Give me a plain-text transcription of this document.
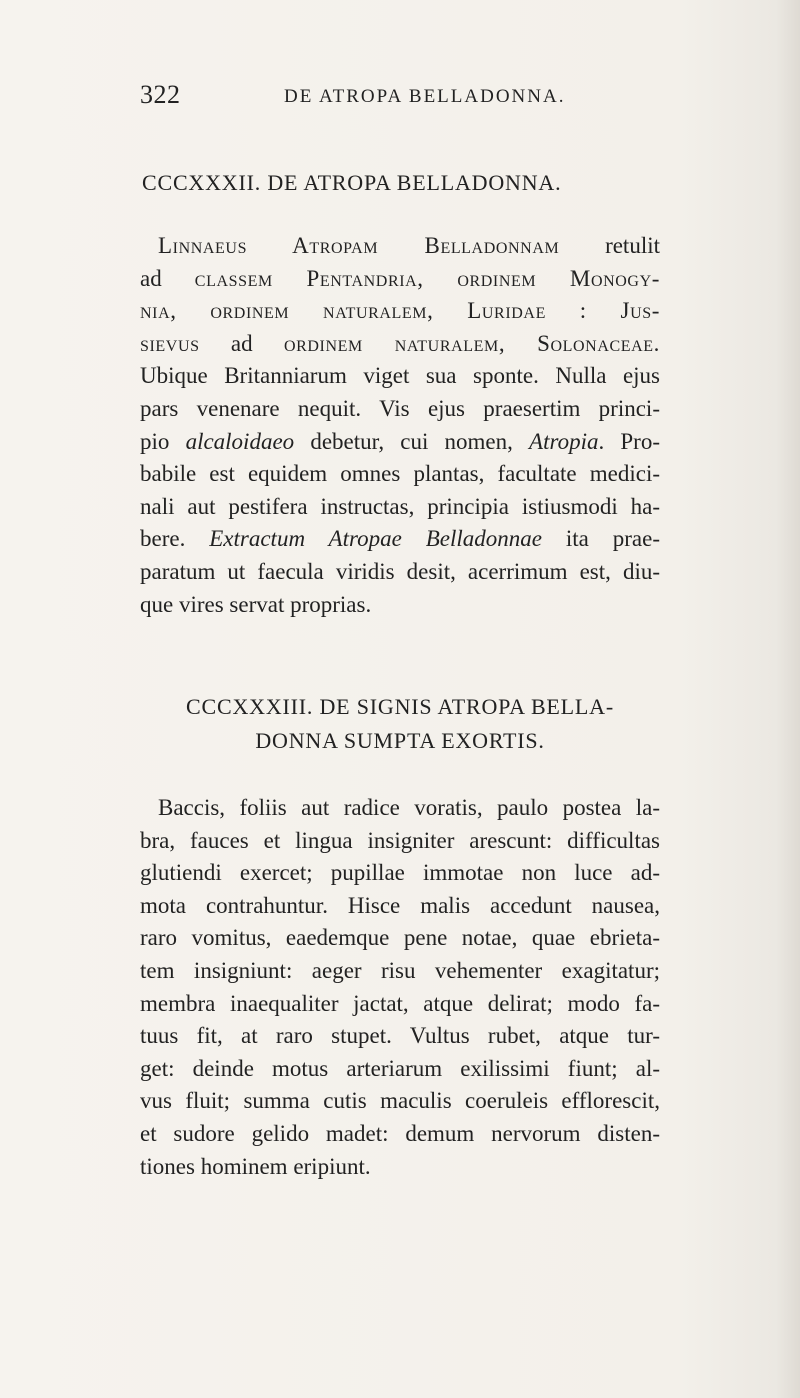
322	DE ATROPA BELLADONNA.
CCCXXXII. DE ATROPA BELLADONNA.
Linnaeus Atropam Belladonnam retulit
ad classem Pentandria, ordinem Monogy-
nia, ordinem naturalem, Luridae : Jus-
sievus ad ordinem naturalem, Solonaceae.
Ubique Britanniarum viget sua sponte. Nulla ejus
pars venenare nequit. Vis ejus praesertim princi-
pio alcaloidaeo debetur, cui nomen, Atropia. Pro-
babile est equidem omnes plantas, facultate medici-
nali aut pestifera instructas, principia istiusmodi ha-
bere. Extractum Atropae Belladonnae ita prae-
paratum ut faecula viridis desit, acerrimum est, diu-
que vires servat proprias.
CCCXXXIII. DE SIGNIS ATROPA BELLA-
DONNA SUMPTA EXORTIS.
Baccis, foliis aut radice voratis, paulo postea la-
bra, fauces et lingua insigniter arescunt: difficultas
glutiendi exercet; pupillae immotae non luce ad-
mota contrahuntur. Hisce malis accedunt nausea,
raro vomitus, eaedemque pene notae, quae ebrieta-
tem insigniunt: aeger risu vehementer exagitatur;
membra inaequaliter jactat, atque delirat; modo fa-
tuus fit, at raro stupet. Vultus rubet, atque tur-
get: deinde motus arteriarum exilissimi fiunt; al-
vus fluit; summa cutis maculis coeruleis efflorescit,
et sudore gelido madet: demum nervorum disten-
tiones hominem eripiunt.
